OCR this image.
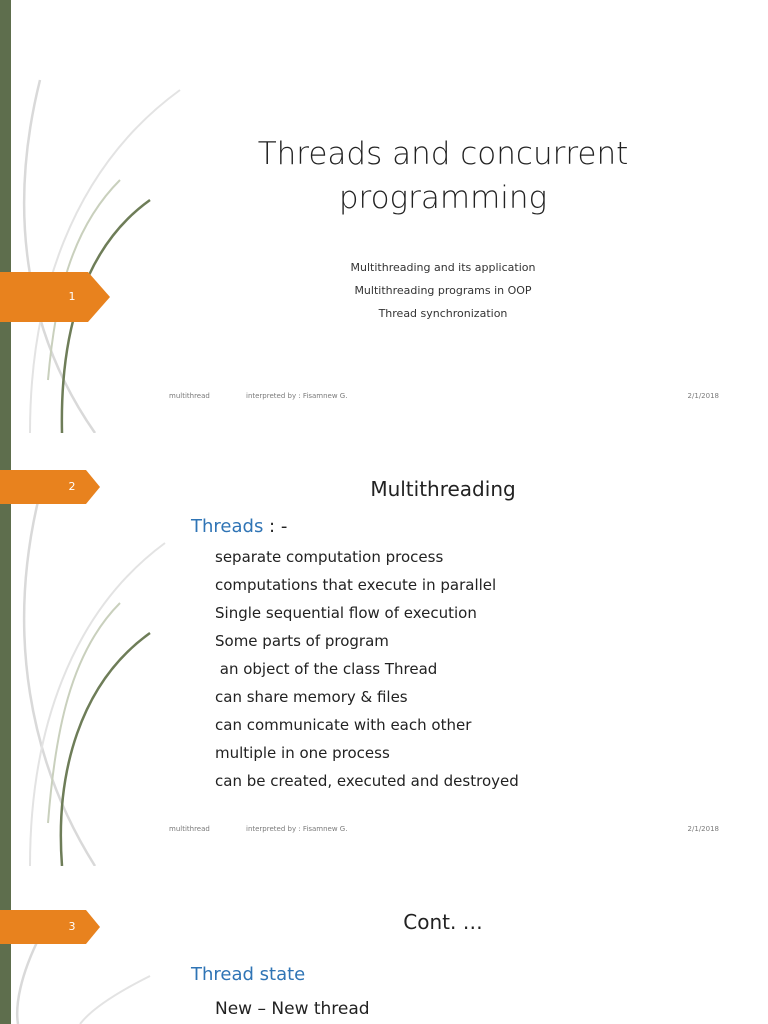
1
Threads and concurrent
programming
Multithreading and its application
Multithreading programs in OOP
Thread synchronization
multithread	interpreted by : Fisamnew G.	2/1/2018
2	Multithreading
Threads : -
separate computation process
computations that execute in parallel
Single sequential flow of execution
Some parts of program
an object of the class Thread
can share memory & files
can communicate with each other
multiple in one process
can be created, executed and destroyed
multithread	interpreted by : Fisamnew G.	2/1/2018
3	Cont. …
Thread state
New – New thread
